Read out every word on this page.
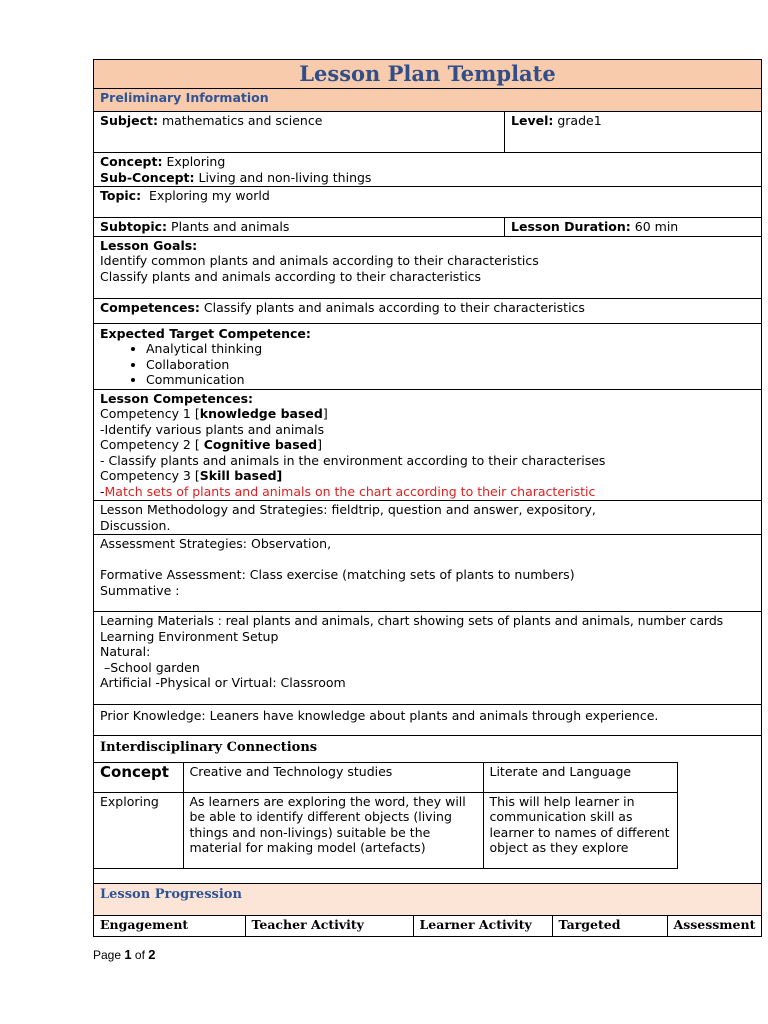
Lesson Plan Template

Preliminary Information
Subject: mathematics and science	Level: grade1

Concept: Exploring
Sub-Concept: Living and non-living things

Topic:  Exploring my world
Subtopic: Plants and animals	Lesson Duration: 60 min

Lesson Goals:
Identify common plants and animals according to their characteristics
Classify plants and animals according to their characteristics

Competences: Classify plants and animals according to their characteristics

Expected Target Competence:
• Analytical thinking
• Collaboration
• Communication

Lesson Competences:
Competency 1 [knowledge based]
-Identify various plants and animals
Competency 2 [ Cognitive based]
- Classify plants and animals in the environment according to their characterises
Competency 3 [Skill based]
-Match sets of plants and animals on the chart according to their characteristic

Lesson Methodology and Strategies: fieldtrip, question and answer, expository,
Discussion.

Assessment Strategies: Observation,
Formative Assessment: Class exercise (matching sets of plants to numbers)
Summative :

Learning Materials : real plants and animals, chart showing sets of plants and animals, number cards
Learning Environment Setup
Natural:
–School garden
Artificial -Physical or Virtual: Classroom

Prior Knowledge: Leaners have knowledge about plants and animals through experience.

Interdisciplinary Connections
Concept	Creative and Technology studies	Literate and Language
Exploring	As learners are exploring the word, they will be able to identify different objects (living things and non-livings) suitable be the material for making model (artefacts)	This will help learner in communication skill as learner to names of different object as they explore

Lesson Progression

Engagement	Teacher Activity	Learner Activity	Targeted	Assessment
Page 1 of 2
